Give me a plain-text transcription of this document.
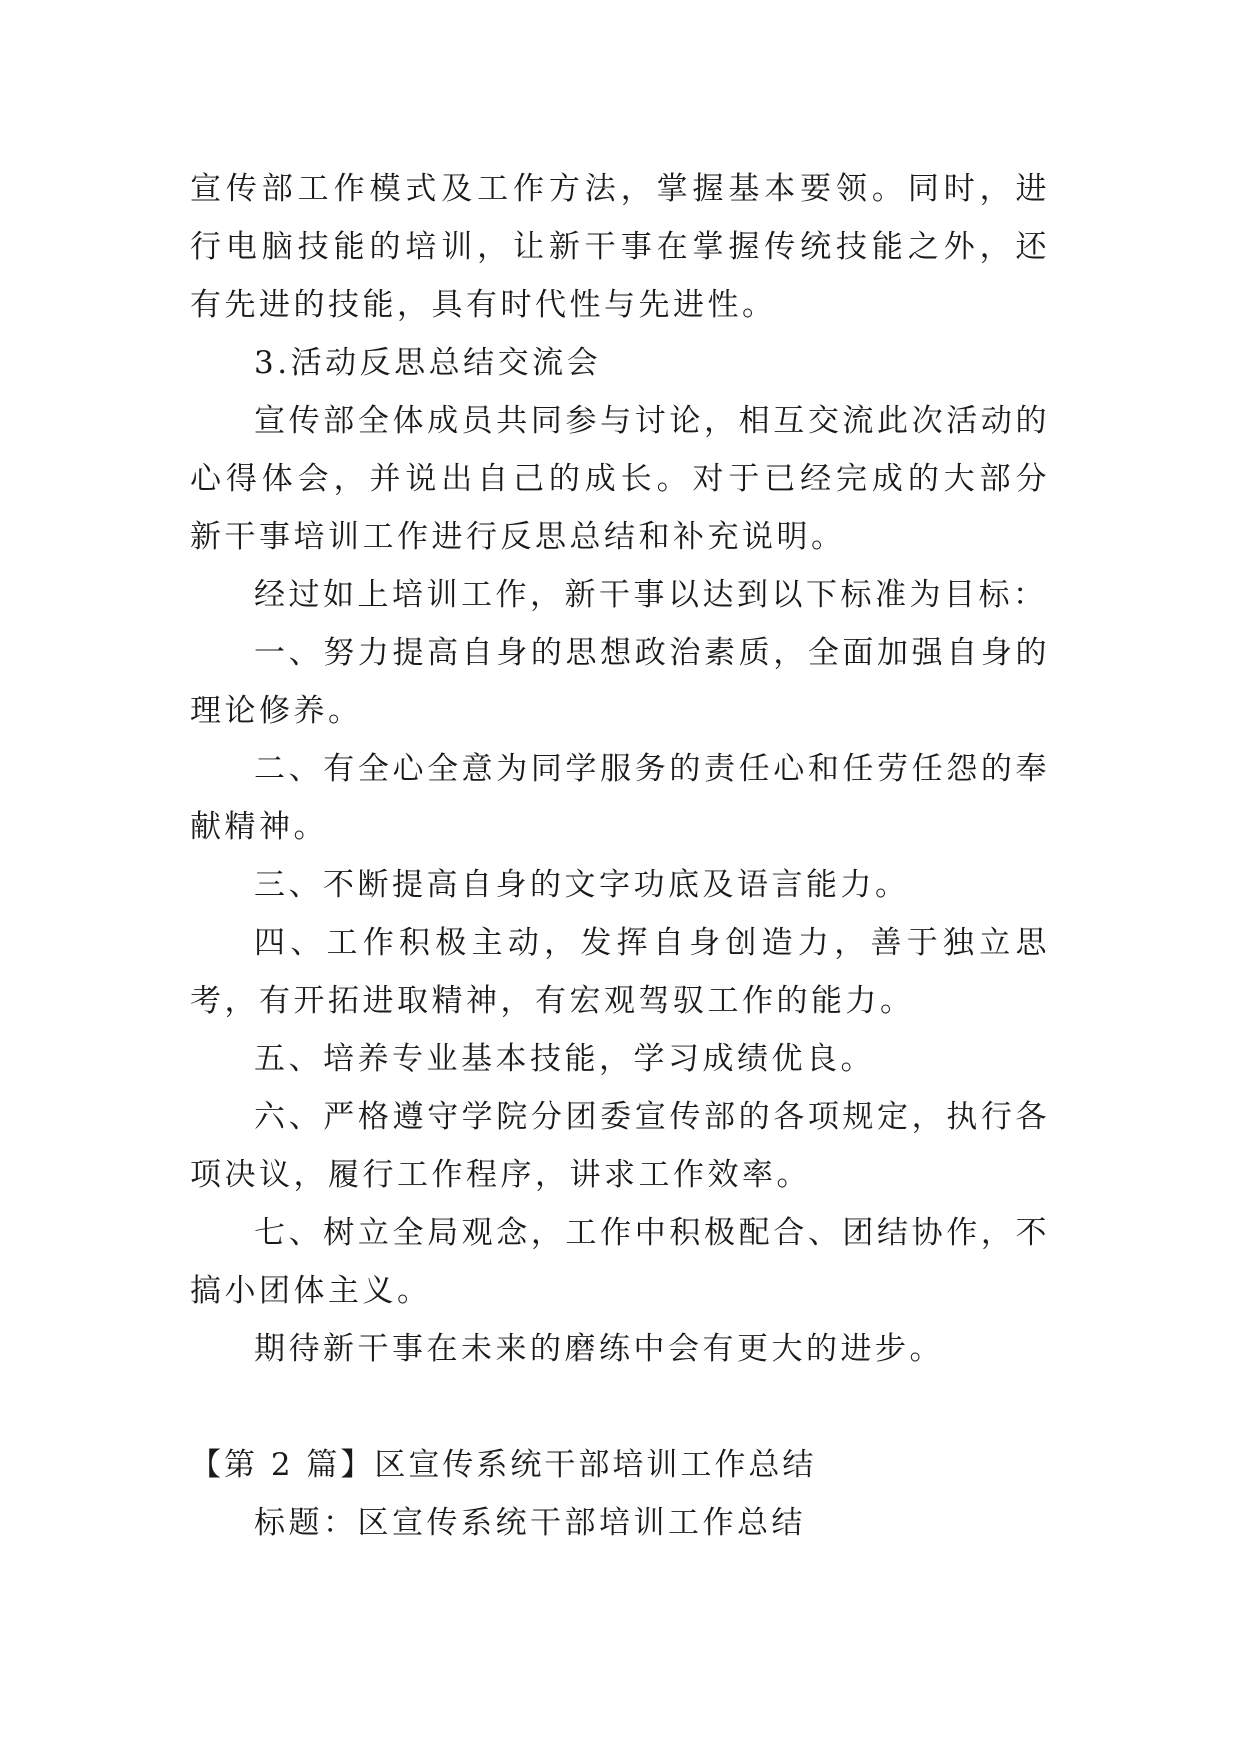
宣传部工作模式及工作方法，掌握基本要领。同时，进行电脑技能的培训，让新干事在掌握传统技能之外，还有先进的技能，具有时代性与先进性。

3.活动反思总结交流会

宣传部全体成员共同参与讨论，相互交流此次活动的心得体会，并说出自己的成长。对于已经完成的大部分新干事培训工作进行反思总结和补充说明。

经过如上培训工作，新干事以达到以下标准为目标：

一、努力提高自身的思想政治素质，全面加强自身的理论修养。

二、有全心全意为同学服务的责任心和任劳任怨的奉献精神。

三、不断提高自身的文字功底及语言能力。

四、工作积极主动，发挥自身创造力，善于独立思考，有开拓进取精神，有宏观驾驭工作的能力。

五、培养专业基本技能，学习成绩优良。

六、严格遵守学院分团委宣传部的各项规定，执行各项决议，履行工作程序，讲求工作效率。

七、树立全局观念，工作中积极配合、团结协作，不搞小团体主义。

期待新干事在未来的磨练中会有更大的进步。

【第 2 篇】区宣传系统干部培训工作总结

标题：区宣传系统干部培训工作总结
